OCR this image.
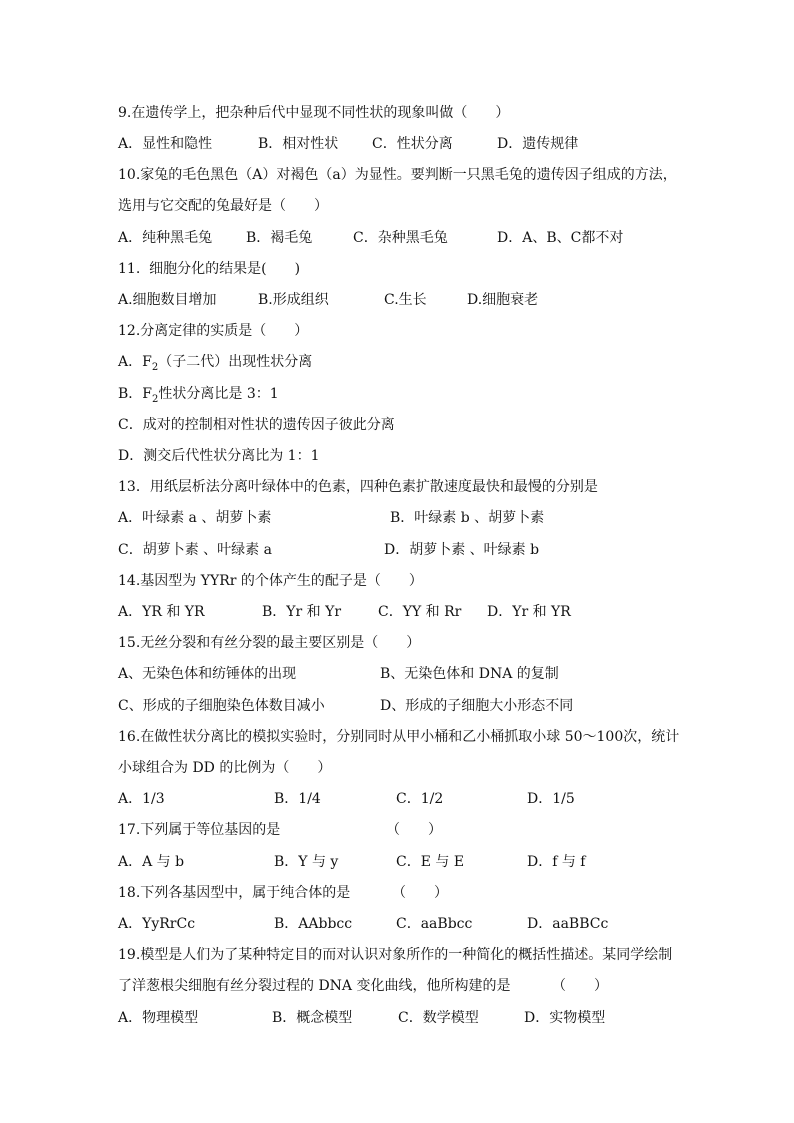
9.在遗传学上，把杂种后代中显现不同性状的现象叫做（　　）
A．显性和隐性	B．相对性状 C．性状分离	D．遗传规律
10.家兔的毛色黑色（A）对褐色（a）为显性。要判断一只黑毛兔的遗传因子组成的方法，
选用与它交配的兔最好是（　　）
A．纯种黑毛兔 B．褐毛兔	C．杂种黑毛兔	D．A、B、C都不对
11.  细胞分化的结果是(　　)
A.细胞数目增加	B.形成组织	C.生长	D.细胞衰老
12.分离定律的实质是（　　）
A．$F_2$（子二代）出现性状分离
B．$F_2$性状分离比是 3：1
C．成对的控制相对性状的遗传因子彼此分离
D．测交后代性状分离比为 1：1
13．用纸层析法分离叶绿体中的色素，四种色素扩散速度最快和最慢的分别是
A．叶绿素 a 、胡萝卜素	B．叶绿素 b 、胡萝卜素
C．胡萝卜素 、叶绿素 a	D．胡萝卜素 、叶绿素 b
14.基因型为 YYRr 的个体产生的配子是（　　）
A．YR 和 YR	B．Yr 和 Yr	C．YY 和 Rr D．Yr 和 YR
15.无丝分裂和有丝分裂的最主要区别是（　　）
A、无染色体和纺锤体的出现	B、无染色体和 DNA 的复制
C、形成的子细胞染色体数目减小	D、形成的子细胞大小形态不同
16.在做性状分离比的模拟实验时，分别同时从甲小桶和乙小桶抓取小球 50～100次，统计
小球组合为 DD 的比例为（　　）
A．1/3	B．1/4	C．1/2	D．1/5
17.下列属于等位基因的是	（　　）
A．A 与 b	B．Y 与 y	C．E 与 E	D．f 与 f
18.下列各基因型中，属于纯合体的是	（　　）
A．YyRrCc	B．AAbbcc	C．aaBbcc	D．aaBBCc
19.模型是人们为了某种特定目的而对认识对象所作的一种简化的概括性描述。某同学绘制
了洋葱根尖细胞有丝分裂过程的 DNA 变化曲线，他所构建的是	（　　）
A．物理模型	B．概念模型	C．数学模型	D．实物模型
